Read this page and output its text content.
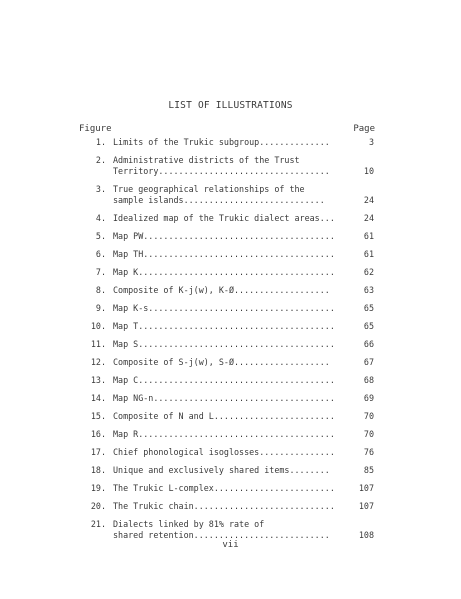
LIST OF ILLUSTRATIONS
Figure	Page
1. Limits of the Trukic subgroup..............	3
2. Administrative districts of the Trust
Territory..................................	10
3. True geographical relationships of the
sample islands............................	24
4. Idealized map of the Trukic dialect areas...	24
5. Map PW......................................	61
6. Map TH......................................	61
7. Map K.......................................	62
8. Composite of K-j(w), K-Ø...................	63
9. Map K-s.....................................	65
10. Map T.......................................	65
11. Map S.......................................	66
12. Composite of S-j(w), S-Ø...................	67
13. Map C.......................................	68
14. Map NG-n....................................	69
15. Composite of N and L........................	70
16. Map R.......................................	70
17. Chief phonological isoglosses...............	76
18. Unique and exclusively shared items........	85
19. The Trukic L-complex........................	107
20. The Trukic chain............................	107
21. Dialects linked by 81% rate of
shared retention...........................	108
vii
